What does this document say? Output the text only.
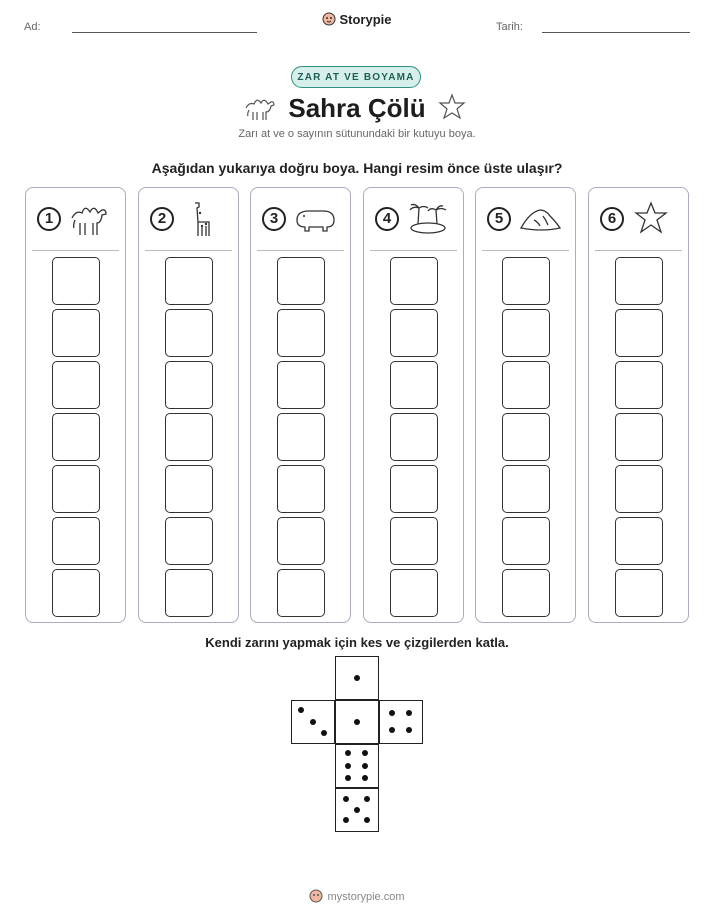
Ad:	Storypie	Tarih:
ZAR AT VE BOYAMA
Sahra Çölü
Zarı at ve o sayının sütunundaki bir kutuyu boya.
Aşağıdan yukarıya doğru boya. Hangi resim önce üste ulaşır?
1	2	3	4	5	6
Kendi zarını yapmak için kes ve çizgilerden katla.
mystorypie.com
